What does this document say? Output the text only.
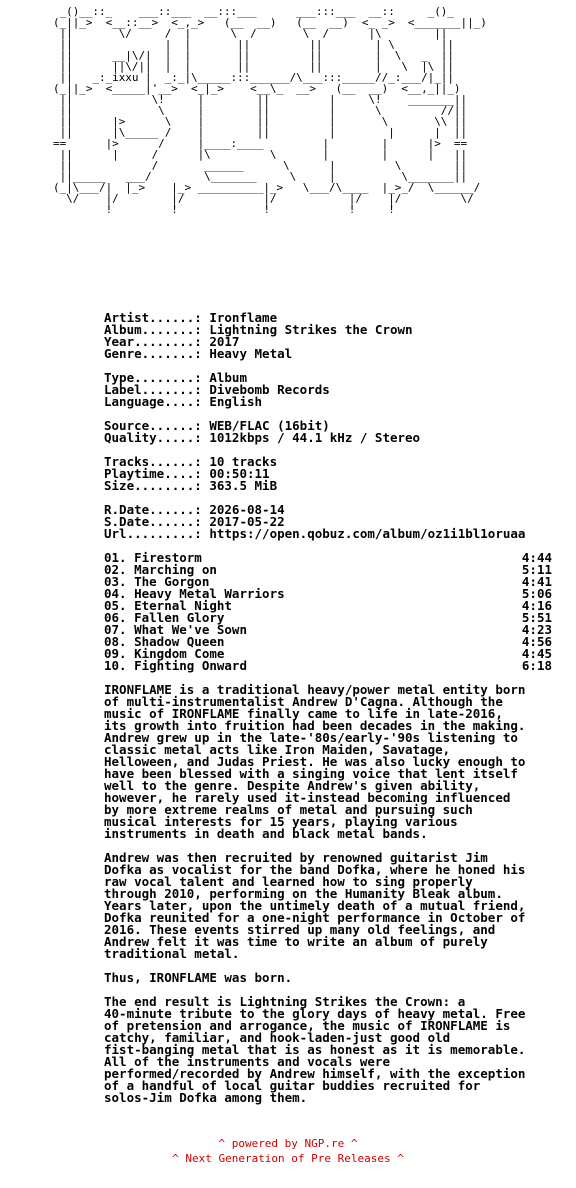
_()__::_    ___::___  __:::___      ___:::___  __::     _()_
(_||_>  <__::__>  <_,_>   (__  __)   (__  __)  <_ _>  <_______||_)
||       \/     /  |      \  /       \  /      |\        ||
||              |  |       ||         ||        | \       ||
||      __|\/|  |  |       ||         ||        |  \   _  ||
||      ||\/||  |  |       ||         ||        |   \  |\ ||
||   _:_ixxu |  _:_|\_____:::______/\___:::_____//_:___/|_||
(_||_>  <_____|'__>  <_|_>    <__\_  __>   (__  __)  <__,_||_)
||            \!     |        ||         |     \!    _______||
||             \     |        ||         |      \         //||
||      |>      \    |        ||         |       \       \\ ||
||      |\_____ /    |        ||         |        |      |  ||
==      |>      /     |____:____         |        |      |>  ==
||      |     /      |\         \       |        |      |   ||
||            /       ______      \      |         \        ||
||_____   ___/        \_______     \     |          \_______||
(_|\___/|  |_>    |_> __________|_>   \___/\____  |_>_/  \______/
\/    |/        |/            |/           |/    |/         \/
!         !             !            !     !
Artist......: Ironflame
Album.......: Lightning Strikes the Crown
Year........: 2017
Genre.......: Heavy Metal
Type........: Album
Label.......: Divebomb Records
Language....: English
Source......: WEB/FLAC (16bit)
Quality.....: 1012kbps / 44.1 kHz / Stereo
Tracks......: 10 tracks
Playtime....: 00:50:11
Size........: 363.5 MiB
R.Date......: 2026-08-14
S.Date......: 2017-05-22
Url.........: https://open.qobuz.com/album/oz1i1bl1oruaa
01. Firestorm	4:44
02. Marching on	5:11
03. The Gorgon	4:41
04. Heavy Metal Warriors	5:06
05. Eternal Night	4:16
06. Fallen Glory	5:51
07. What We've Sown	4:23
08. Shadow Queen	4:56
09. Kingdom Come	4:45
10. Fighting Onward	6:18
IRONFLAME is a traditional heavy/power metal entity born
of multi-instrumentalist Andrew D'Cagna. Although the
music of IRONFLAME finally came to life in late-2016,
its growth into fruition had been decades in the making.
Andrew grew up in the late-'80s/early-'90s listening to
classic metal acts like Iron Maiden, Savatage,
Helloween, and Judas Priest. He was also lucky enough to
have been blessed with a singing voice that lent itself
well to the genre. Despite Andrew's given ability,
however, he rarely used it-instead becoming influenced
by more extreme realms of metal and pursuing such
musical interests for 15 years, playing various
instruments in death and black metal bands.
Andrew was then recruited by renowned guitarist Jim
Dofka as vocalist for the band Dofka, where he honed his
raw vocal talent and learned how to sing properly
through 2010, performing on the Humanity Bleak album.
Years later, upon the untimely death of a mutual friend,
Dofka reunited for a one-night performance in October of
2016. These events stirred up many old feelings, and
Andrew felt it was time to write an album of purely
traditional metal.
Thus, IRONFLAME was born.
The end result is Lightning Strikes the Crown: a
40-minute tribute to the glory days of heavy metal. Free
of pretension and arrogance, the music of IRONFLAME is
catchy, familiar, and hook-laden-just good old
fist-banging metal that is as honest as it is memorable.
All of the instruments and vocals were
performed/recorded by Andrew himself, with the exception
of a handful of local guitar buddies recruited for
solos-Jim Dofka among them.
^ powered by NGP.re ^
^ Next Generation of Pre Releases ^
